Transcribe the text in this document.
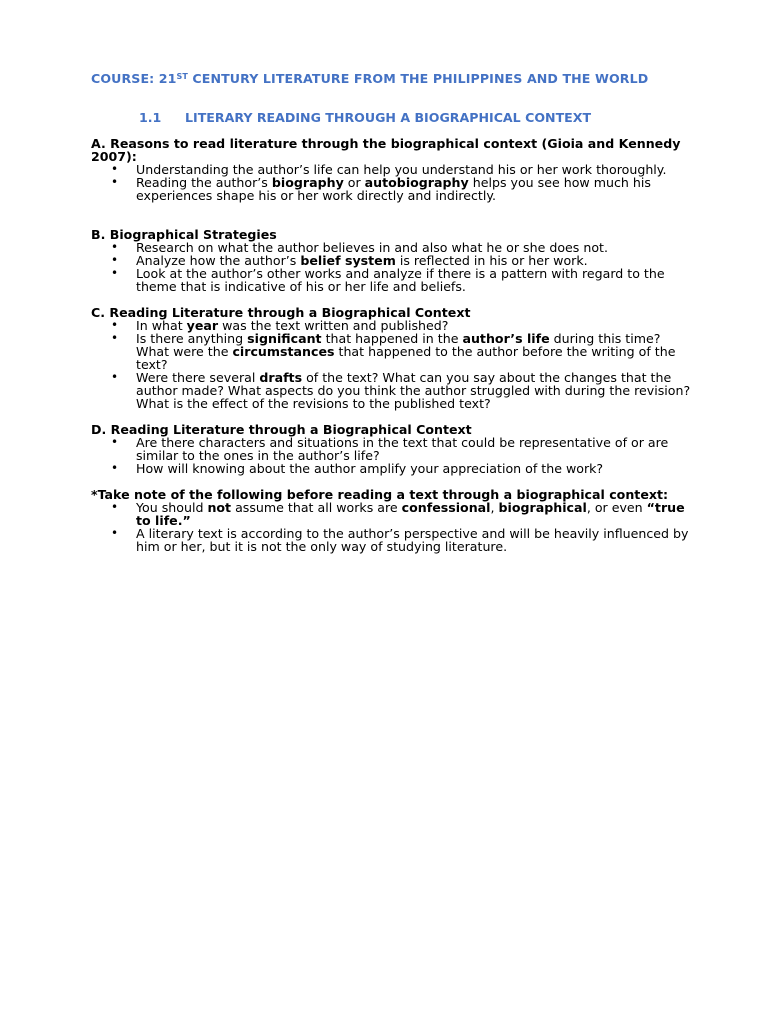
COURSE: 21ST CENTURY LITERATURE FROM THE PHILIPPINES AND THE WORLD
1.1 LITERARY READING THROUGH A BIOGRAPHICAL CONTEXT

A. Reasons to read literature through the biographical context (Gioia and Kennedy 2007):

• Understanding the author’s life can help you understand his or her work thoroughly.
• Reading the author’s biography or autobiography helps you see how much his experiences shape his or her work directly and indirectly.

B. Biographical Strategies

• Research on what the author believes in and also what he or she does not.
• Analyze how the author’s belief system is reflected in his or her work.
• Look at the author’s other works and analyze if there is a pattern with regard to the theme that is indicative of his or her life and beliefs.

C. Reading Literature through a Biographical Context

• In what year was the text written and published?
• Is there anything significant that happened in the author’s life during this time? What were the circumstances that happened to the author before the writing of the text?
• Were there several drafts of the text? What can you say about the changes that the author made? What aspects do you think the author struggled with during the revision? What is the effect of the revisions to the published text?

D. Reading Literature through a Biographical Context

• Are there characters and situations in the text that could be representative of or are similar to the ones in the author’s life?
• How will knowing about the author amplify your appreciation of the work?

*Take note of the following before reading a text through a biographical context:

• You should not assume that all works are confessional, biographical, or even “true to life.”
• A literary text is according to the author’s perspective and will be heavily influenced by him or her, but it is not the only way of studying literature.
